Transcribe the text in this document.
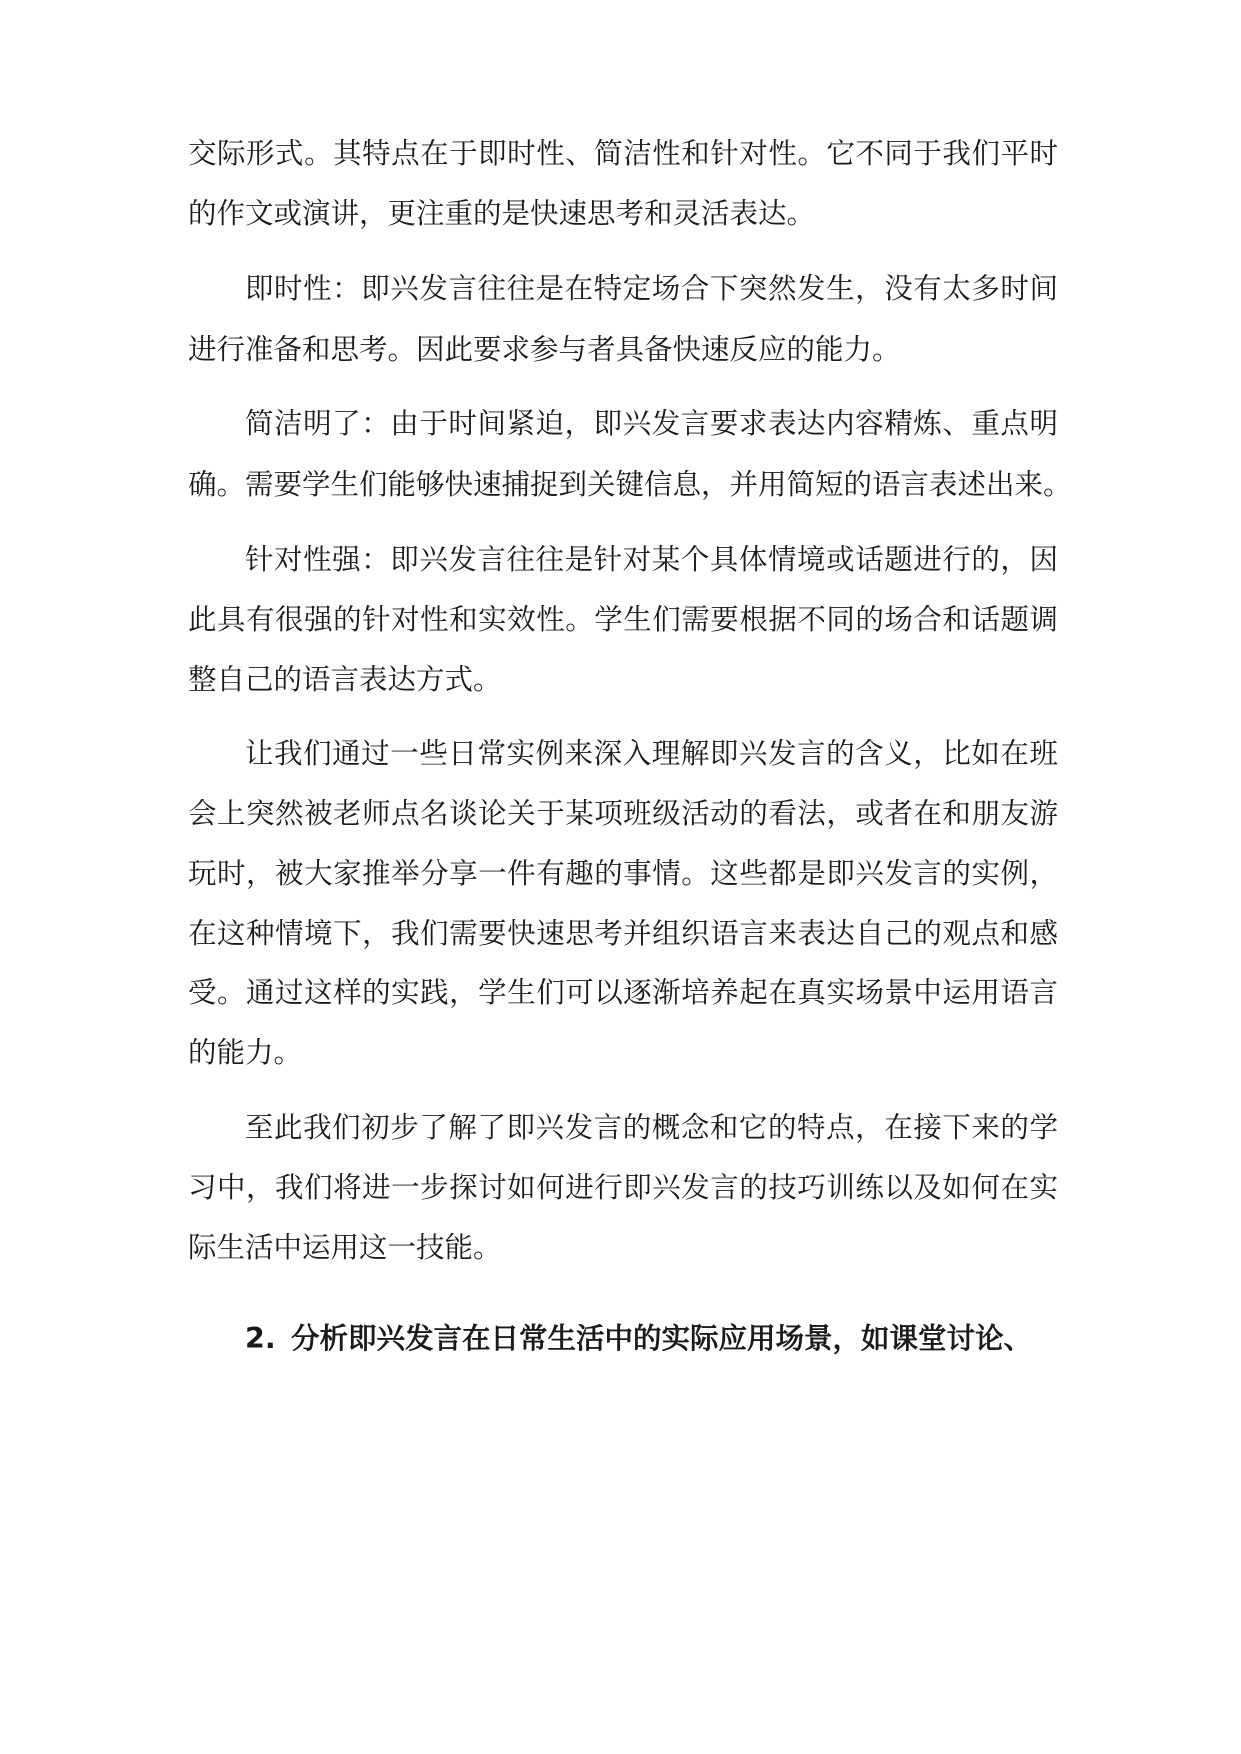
交际形式。其特点在于即时性、简洁性和针对性。它不同于我们平时
的作文或演讲，更注重的是快速思考和灵活表达。
即时性：即兴发言往往是在特定场合下突然发生，没有太多时间
进行准备和思考。因此要求参与者具备快速反应的能力。
简洁明了：由于时间紧迫，即兴发言要求表达内容精炼、重点明
确。需要学生们能够快速捕捉到关键信息，并用简短的语言表述出来。
针对性强：即兴发言往往是针对某个具体情境或话题进行的，因
此具有很强的针对性和实效性。学生们需要根据不同的场合和话题调
整自己的语言表达方式。
让我们通过一些日常实例来深入理解即兴发言的含义，比如在班
会上突然被老师点名谈论关于某项班级活动的看法，或者在和朋友游
玩时，被大家推举分享一件有趣的事情。这些都是即兴发言的实例，
在这种情境下，我们需要快速思考并组织语言来表达自己的观点和感
受。通过这样的实践，学生们可以逐渐培养起在真实场景中运用语言
的能力。
至此我们初步了解了即兴发言的概念和它的特点，在接下来的学
习中，我们将进一步探讨如何进行即兴发言的技巧训练以及如何在实
际生活中运用这一技能。
2. 分析即兴发言在日常生活中的实际应用场景，如课堂讨论、
